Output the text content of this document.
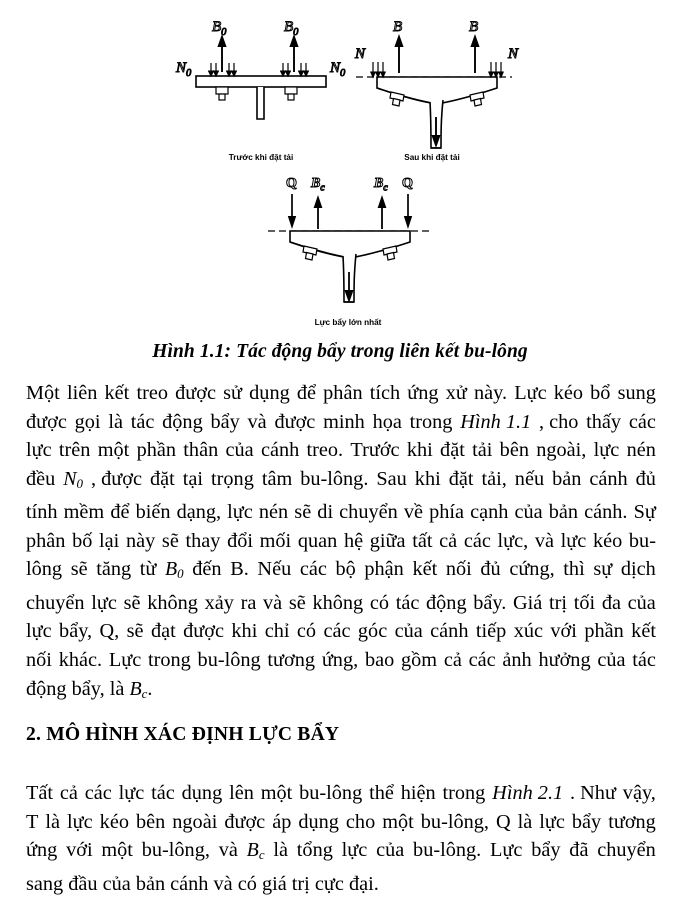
$B_0$	$B_0$
$N_0$	$N_0$
Trước khi đặt tải
B	B
N	N
Sau khi đặt tải
Q	Q
$B_c$	$B_c$
Lực bẩy lớn nhất
Hình 1.1: Tác động bẩy trong liên kết bu-lông
Một liên kết treo được sử dụng để phân tích ứng xử này. Lực kéo bổ sung
được gọi là tác động bẩy và được minh họa trong Hình 1.1 , cho thấy các
lực trên một phần thân của cánh treo. Trước khi đặt tải bên ngoài, lực nén
đều $N_0$ , được đặt tại trọng tâm bu-lông. Sau khi đặt tải, nếu bản cánh đủ
tính mềm để biến dạng, lực nén sẽ di chuyển về phía cạnh của bản cánh. Sự
phân bố lại này sẽ thay đổi mối quan hệ giữa tất cả các lực, và lực kéo bu-
lông sẽ tăng từ $B_0$ đến B. Nếu các bộ phận kết nối đủ cứng, thì sự dịch
chuyển lực sẽ không xảy ra và sẽ không có tác động bẩy. Giá trị tối đa của
lực bẩy, Q, sẽ đạt được khi chỉ có các góc của cánh tiếp xúc với phần kết
nối khác. Lực trong bu-lông tương ứng, bao gồm cả các ảnh hưởng của tác
động bẩy, là $B_c$.
2. MÔ HÌNH XÁC ĐỊNH LỰC BẨY
Tất cả các lực tác dụng lên một bu-lông thể hiện trong Hình 2.1 . Như vậy,
T là lực kéo bên ngoài được áp dụng cho một bu-lông, Q là lực bẩy tương
ứng với một bu-lông, và $B_c$ là tổng lực của bu-lông. Lực bẩy đã chuyển
sang đầu của bản cánh và có giá trị cực đại.
